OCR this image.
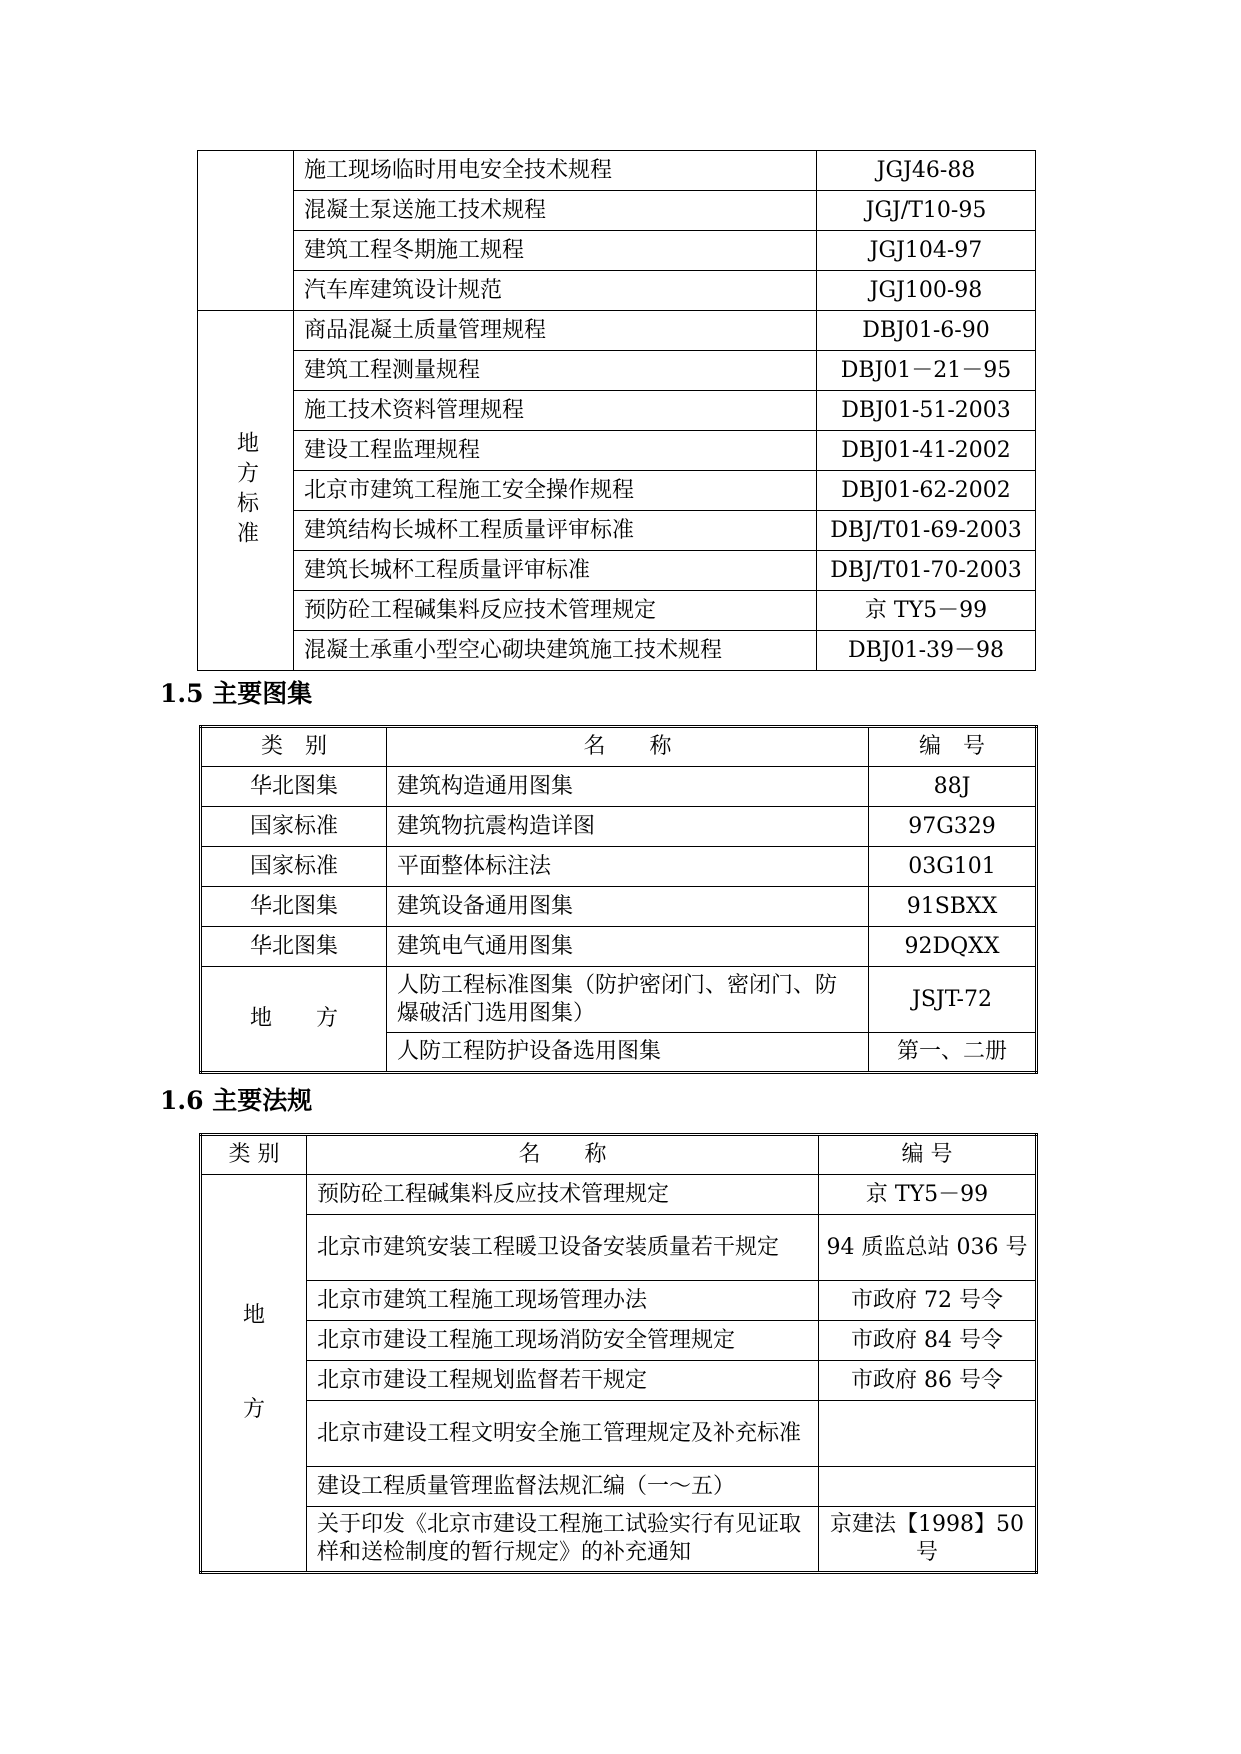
	施工现场临时用电安全技术规程	JGJ46-88
	混凝土泵送施工技术规程	JGJ/T10-95
	建筑工程冬期施工规程	JGJ104-97
	汽车库建筑设计规范	JGJ100-98
地方标准	商品混凝土质量管理规程	DBJ01-6-90
	建筑工程测量规程	DBJ01－21－95
	施工技术资料管理规程	DBJ01-51-2003
	建设工程监理规程	DBJ01-41-2002
	北京市建筑工程施工安全操作规程	DBJ01-62-2002
	建筑结构长城杯工程质量评审标准	DBJ/T01-69-2003
	建筑长城杯工程质量评审标准	DBJ/T01-70-2003
	预防砼工程碱集料反应技术管理规定	京 TY5－99
	混凝土承重小型空心砌块建筑施工技术规程	DBJ01-39－98
1.5 主要图集
类　别	名　　称	编　号
华北图集	建筑构造通用图集	88J
国家标准	建筑物抗震构造详图	97G329
国家标准	平面整体标注法	03G101
华北图集	建筑设备通用图集	91SBXX
华北图集	建筑电气通用图集	92DQXX
地　　方	人防工程标准图集（防护密闭门、密闭门、防爆破活门选用图集）	JSJT-72
	人防工程防护设备选用图集	第一、二册
1.6 主要法规
类 别	名　　称	编 号

地
方	预防砼工程碱集料反应技术管理规定	京 TY5－99
	北京市建筑安装工程暖卫设备安装质量若干规定	94 质监总站 036 号
	北京市建筑工程施工现场管理办法	市政府 72 号令
	北京市建设工程施工现场消防安全管理规定	市政府 84 号令
	北京市建设工程规划监督若干规定	市政府 86 号令
	北京市建设工程文明安全施工管理规定及补充标准	
	建设工程质量管理监督法规汇编（一～五）	
	关于印发《北京市建设工程施工试验实行有见证取样和送检制度的暂行规定》的补充通知	京建法【1998】50 号
